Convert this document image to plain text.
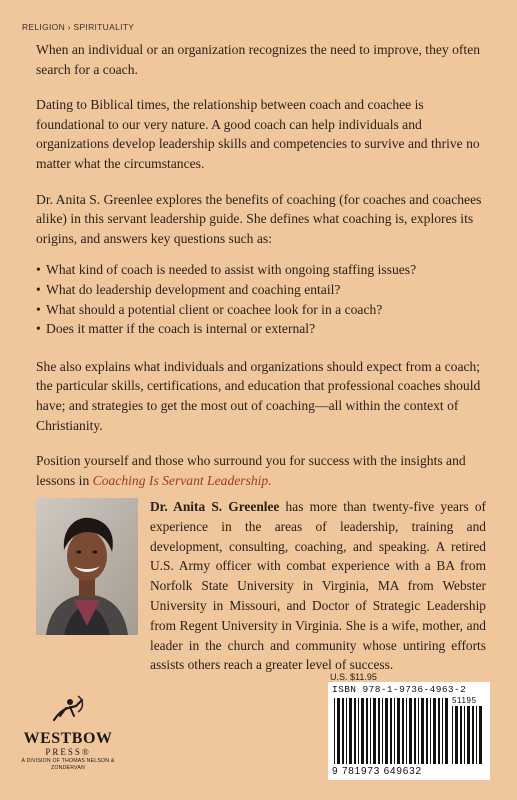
RELIGION › SPIRITUALITY

When an individual or an organization recognizes the need to improve, they often search for a coach.

Dating to Biblical times, the relationship between coach and coachee is foundational to our very nature. A good coach can help individuals and organizations develop leadership skills and competencies to survive and thrive no matter what the circumstances.

Dr. Anita S. Greenlee explores the benefits of coaching (for coaches and coachees alike) in this servant leadership guide. She defines what coaching is, explores its origins, and answers key questions such as:

• What kind of coach is needed to assist with ongoing staffing issues?
• What do leadership development and coaching entail?
• What should a potential client or coachee look for in a coach?
• Does it matter if the coach is internal or external?

She also explains what individuals and organizations should expect from a coach; the particular skills, certifications, and education that professional coaches should have; and strategies to get the most out of coaching—all within the context of Christianity.

Position yourself and those who surround you for success with the insights and lessons in Coaching Is Servant Leadership.

Dr. Anita S. Greenlee has more than twenty-five years of experience in the areas of leadership, training and development, consulting, coaching, and speaking. A retired U.S. Army officer with combat experience with a BA from Norfolk State University in Virginia, MA from Webster University in Missouri, and Doctor of Strategic Leadership from Regent University in Virginia. She is a wife, mother, and leader in the church and community whose untiring efforts assists others reach a greater level of success.
U.S. $11.95
ISBN 978-1-9736-4963-2
51195
9 781973 649632
WESTBOW
PRESS®
A DIVISION OF THOMAS NELSON & ZONDERVAN
